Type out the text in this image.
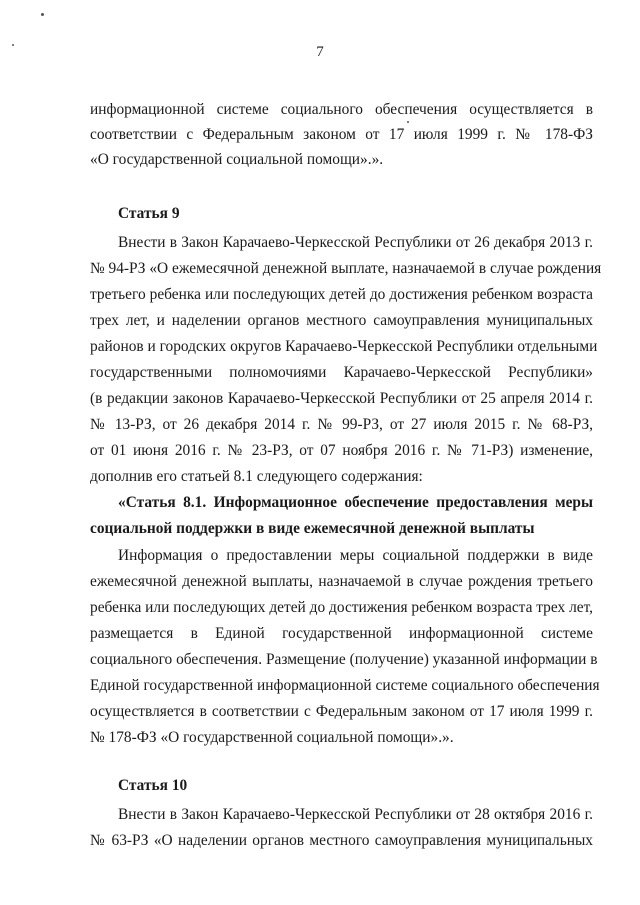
7
информационной системе социального обеспечения осуществляется в
соответствии с Федеральным законом от 17 июля 1999 г. № 178-ФЗ
«О государственной социальной помощи».».
Статья 9
Внести в Закон Карачаево-Черкесской Республики от 26 декабря 2013 г.
№ 94-РЗ «О ежемесячной денежной выплате, назначаемой в случае рождения
третьего ребенка или последующих детей до достижения ребенком возраста
трех лет, и наделении органов местного самоуправления муниципальных
районов и городских округов Карачаево-Черкесской Республики отдельными
государственными полномочиями Карачаево-Черкесской Республики»
(в редакции законов Карачаево-Черкесской Республики от 25 апреля 2014 г.
№ 13-РЗ, от 26 декабря 2014 г. № 99-РЗ, от 27 июля 2015 г. № 68-РЗ,
от 01 июня 2016 г. № 23-РЗ, от 07 ноября 2016 г. № 71-РЗ) изменение,
дополнив его статьей 8.1 следующего содержания:
«Статья 8.1. Информационное обеспечение предоставления меры
социальной поддержки в виде ежемесячной денежной выплаты
Информация о предоставлении меры социальной поддержки в виде
ежемесячной денежной выплаты, назначаемой в случае рождения третьего
ребенка или последующих детей до достижения ребенком возраста трех лет,
размещается в Единой государственной информационной системе
социального обеспечения. Размещение (получение) указанной информации в
Единой государственной информационной системе социального обеспечения
осуществляется в соответствии с Федеральным законом от 17 июля 1999 г.
№ 178-ФЗ «О государственной социальной помощи».».
Статья 10
Внести в Закон Карачаево-Черкесской Республики от 28 октября 2016 г.
№ 63-РЗ «О наделении органов местного самоуправления муниципальных
